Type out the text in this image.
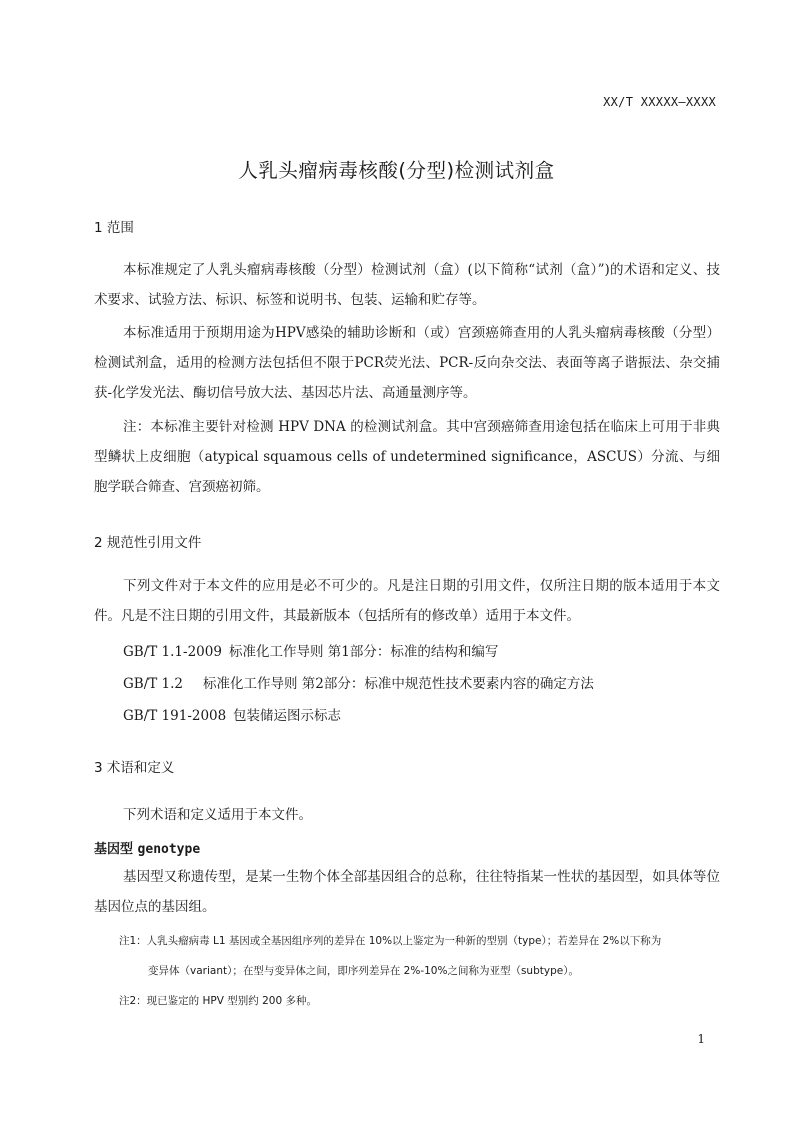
XX/T XXXXX—XXXX
人乳头瘤病毒核酸(分型)检测试剂盒
1 范围
本标准规定了人乳头瘤病毒核酸（分型）检测试剂（盒）(以下简称“试剂（盒）”)的术语和定义、技术要求、试验方法、标识、标签和说明书、包装、运输和贮存等。
本标准适用于预期用途为HPV感染的辅助诊断和（或）宫颈癌筛查用的人乳头瘤病毒核酸（分型）检测试剂盒，适用的检测方法包括但不限于PCR荧光法、PCR-反向杂交法、表面等离子谐振法、杂交捕获-化学发光法、酶切信号放大法、基因芯片法、高通量测序等。
注：本标准主要针对检测 HPV DNA 的检测试剂盒。其中宫颈癌筛查用途包括在临床上可用于非典型鳞状上皮细胞（atypical squamous cells of undetermined significance，ASCUS）分流、与细胞学联合筛查、宫颈癌初筛。
2 规范性引用文件
下列文件对于本文件的应用是必不可少的。凡是注日期的引用文件，仅所注日期的版本适用于本文件。凡是不注日期的引用文件，其最新版本（包括所有的修改单）适用于本文件。
GB/T 1.1-2009 标准化工作导则 第1部分：标准的结构和编写
GB/T 1.2 标准化工作导则 第2部分：标准中规范性技术要素内容的确定方法
GB/T 191-2008 包装储运图示标志
3 术语和定义
下列术语和定义适用于本文件。
基因型 genotype
基因型又称遗传型，是某一生物个体全部基因组合的总称，往往特指某一性状的基因型，如具体等位基因位点的基因组。
注1：人乳头瘤病毒 L1 基因或全基因组序列的差异在 10%以上鉴定为一种新的型别（type）；若差异在 2%以下称为
变异体（variant）；在型与变异体之间，即序列差异在 2%-10%之间称为亚型（subtype）。
注2：现已鉴定的 HPV 型别约 200 多种。
1
